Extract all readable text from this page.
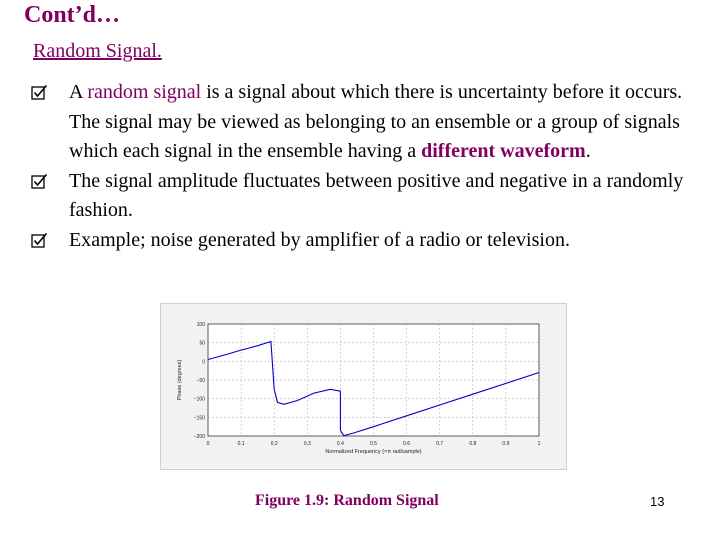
Cont’d…
Random Signal.
A random signal is a signal about which there is uncertainty before it occurs. The signal may be viewed as belonging to an ensemble or a group of signals which each signal in the ensemble having a different waveform.
The signal amplitude fluctuates between positive and negative in a randomly fashion.
Example; noise generated by amplifier of a radio or television.
0	0.1	0.2	0.3	0.4	0.5	0.6	0.7	0.8	0.9	1
100
50
0
−50
−100
−150
−200
Normalized Frequency (×π rad/sample)
Phase (degrees)
Figure 1.9: Random Signal	13
